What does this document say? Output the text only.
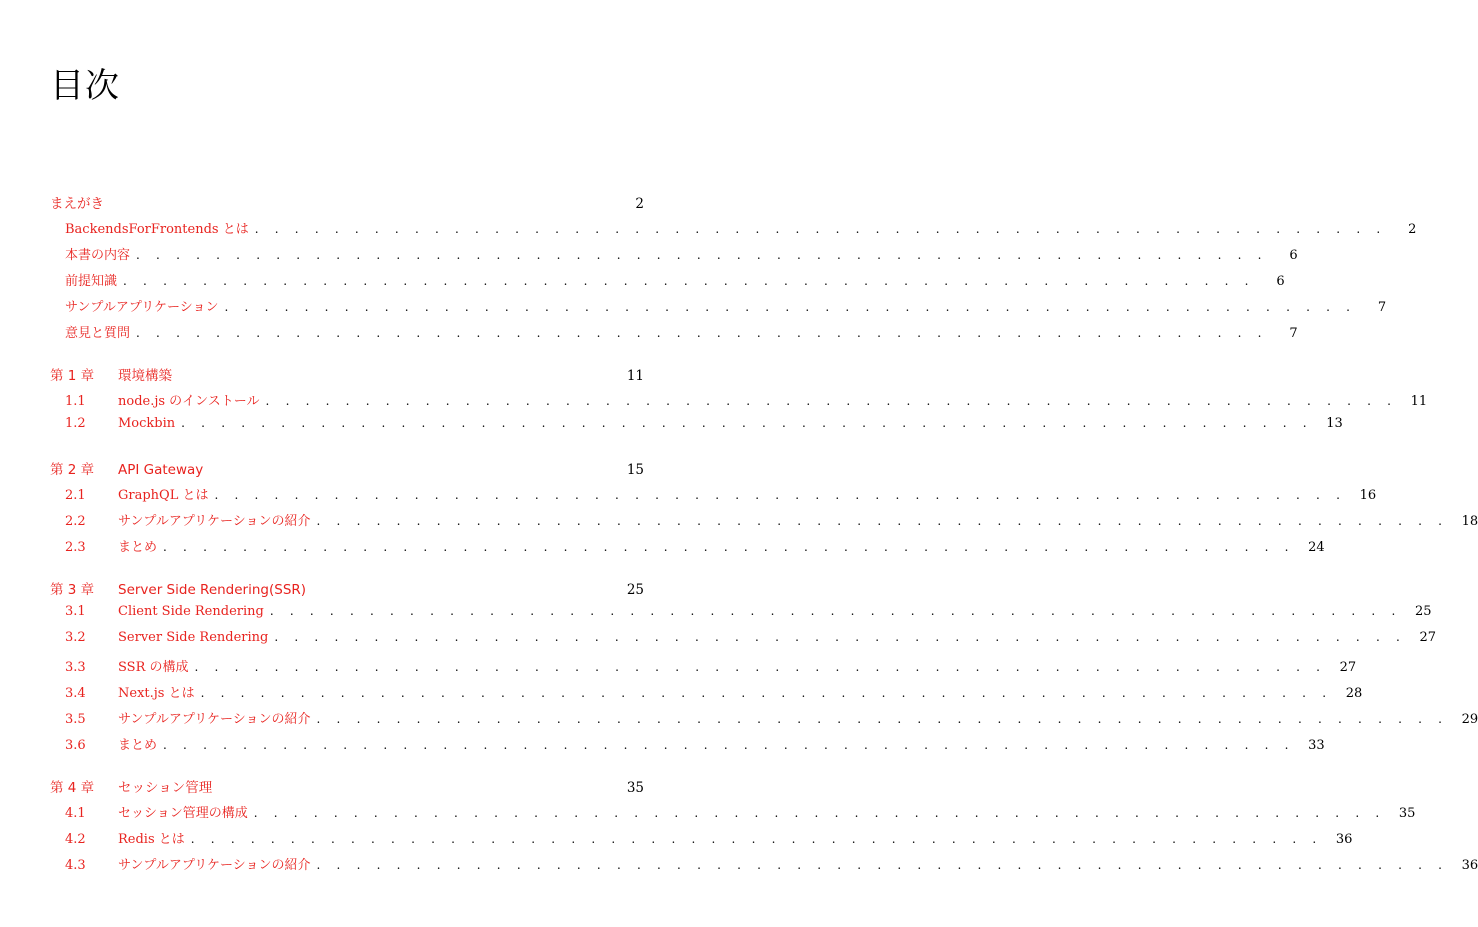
目次
まえがき	2
BackendsForFrontends とは . . . . . . . . . . . . . . . . . . . . . . . . . . . . . . . . . . . . . . . . . . . . . . . . . . . . . . . . .	2
本書の内容 . . . . . . . . . . . . . . . . . . . . . . . . . . . . . . . . . . . . . . . . . . . . . . . . . . . . . . . . .	6
前提知識 . . . . . . . . . . . . . . . . . . . . . . . . . . . . . . . . . . . . . . . . . . . . . . . . . . . . . . . . .	6
サンプルアプリケーション . . . . . . . . . . . . . . . . . . . . . . . . . . . . . . . . . . . . . . . . . . . . . . . . . . . . . . . . .	7
意見と質問 . . . . . . . . . . . . . . . . . . . . . . . . . . . . . . . . . . . . . . . . . . . . . . . . . . . . . . . . .	7
第 1 章	環境構築	11
1.1	node.js のインストール . . . . . . . . . . . . . . . . . . . . . . . . . . . . . . . . . . . . . . . . . . . . . . . . . . . . . . . . .	11
1.2	Mockbin . . . . . . . . . . . . . . . . . . . . . . . . . . . . . . . . . . . . . . . . . . . . . . . . . . . . . . . . .	13
第 2 章	API Gateway	15
2.1	GraphQL とは . . . . . . . . . . . . . . . . . . . . . . . . . . . . . . . . . . . . . . . . . . . . . . . . . . . . . . . . .	16
2.2	サンプルアプリケーションの紹介 . . . . . . . . . . . . . . . . . . . . . . . . . . . . . . . . . . . . . . . . . . . . . . . . . . . . . . . . .	18
2.3	まとめ . . . . . . . . . . . . . . . . . . . . . . . . . . . . . . . . . . . . . . . . . . . . . . . . . . . . . . . . .	24
第 3 章	Server Side Rendering(SSR)	25
3.1	Client Side Rendering . . . . . . . . . . . . . . . . . . . . . . . . . . . . . . . . . . . . . . . . . . . . . . . . . . . . . . . . .	25
3.2	Server Side Rendering . . . . . . . . . . . . . . . . . . . . . . . . . . . . . . . . . . . . . . . . . . . . . . . . . . . . . . . . .	27
3.3	SSR の構成 . . . . . . . . . . . . . . . . . . . . . . . . . . . . . . . . . . . . . . . . . . . . . . . . . . . . . . . . .	27
3.4	Next.js とは . . . . . . . . . . . . . . . . . . . . . . . . . . . . . . . . . . . . . . . . . . . . . . . . . . . . . . . . .	28
3.5	サンプルアプリケーションの紹介 . . . . . . . . . . . . . . . . . . . . . . . . . . . . . . . . . . . . . . . . . . . . . . . . . . . . . . . . .	29
3.6	まとめ . . . . . . . . . . . . . . . . . . . . . . . . . . . . . . . . . . . . . . . . . . . . . . . . . . . . . . . . .	33
第 4 章	セッション管理	35
4.1	セッション管理の構成 . . . . . . . . . . . . . . . . . . . . . . . . . . . . . . . . . . . . . . . . . . . . . . . . . . . . . . . . .	35
4.2	Redis とは . . . . . . . . . . . . . . . . . . . . . . . . . . . . . . . . . . . . . . . . . . . . . . . . . . . . . . . . .	36
4.3	サンプルアプリケーションの紹介 . . . . . . . . . . . . . . . . . . . . . . . . . . . . . . . . . . . . . . . . . . . . . . . . . . . . . . . . .	36
